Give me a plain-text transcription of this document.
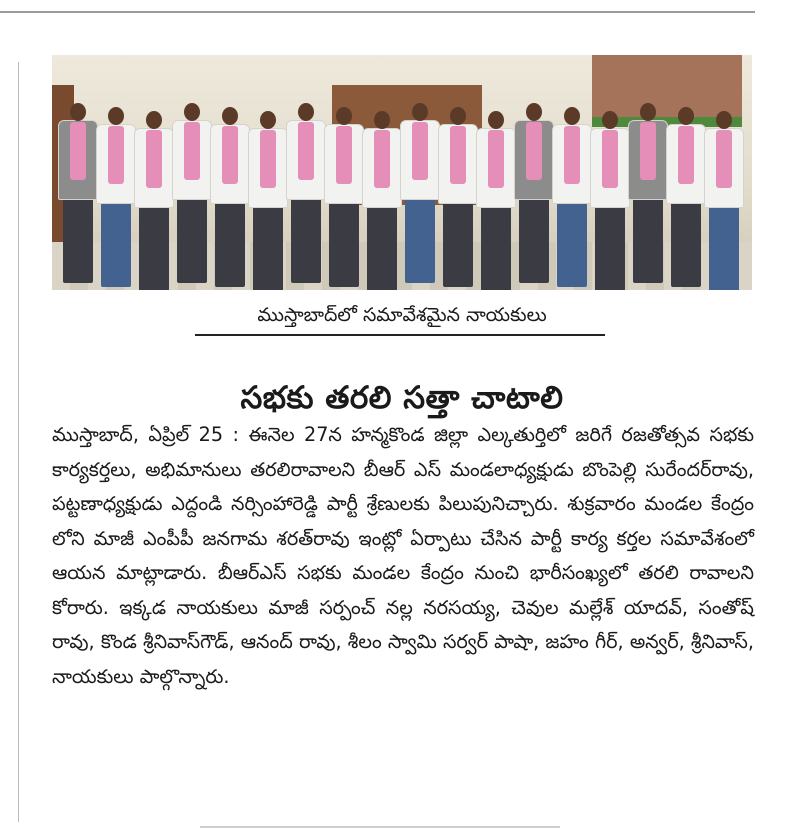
ముస్తాబాద్‌లో సమావేశమైన నాయకులు
సభకు తరలి సత్తా చాటాలి

ముస్తాబాద్, ఏప్రిల్ 25 : ఈనెల 27న హన్మకొండ జిల్లా ఎల్కతుర్తిలో జరిగే రజతోత్సవ సభకు కార్యకర్తలు, అభిమానులు తరలిరావాలని బీఆర్ ఎస్ మండలాధ్యక్షుడు బొంపెల్లి సురేందర్‌రావు, పట్టణాధ్యక్షుడు ఎద్దండి నర్సింహారెడ్డి పార్టీ శ్రేణులకు పిలుపునిచ్చారు. శుక్రవారం మండల కేంద్రం లోని మాజీ ఎంపీపీ జనగామ శరత్‌రావు ఇంట్లో ఏర్పాటు చేసిన పార్టీ కార్య కర్తల సమావేశంలో ఆయన మాట్లాడారు. బీఆర్ఎస్ సభకు మండల కేంద్రం నుంచి భారీసంఖ్యలో తరలి రావాలని కోరారు. ఇక్కడ నాయకులు మాజీ సర్పంచ్ నల్ల నరసయ్య, చెవుల మల్లేశ్ యాదవ్, సంతోష్ రావు, కొండ శ్రీనివాస్‌గౌడ్, ఆనంద్ రావు, శీలం స్వామి సర్వర్ పాషా, జహం గీర్, అన్వర్, శ్రీనివాస్, నాయకులు పాల్గొన్నారు.
